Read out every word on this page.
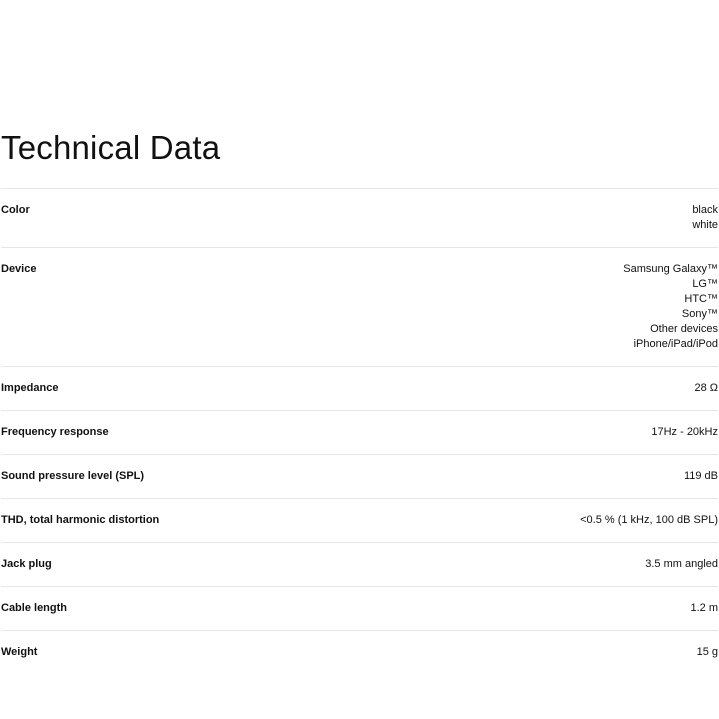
Technical Data
Color	black
white
Device	Samsung Galaxy™
LG™
HTC™
Sony™
Other devices
iPhone/iPad/iPod
Impedance	28 Ω
Frequency response	17Hz - 20kHz
Sound pressure level (SPL)	119 dB
THD, total harmonic distortion	<0.5 % (1 kHz, 100 dB SPL)
Jack plug	3.5 mm angled
Cable length	1.2 m
Weight	15 g
